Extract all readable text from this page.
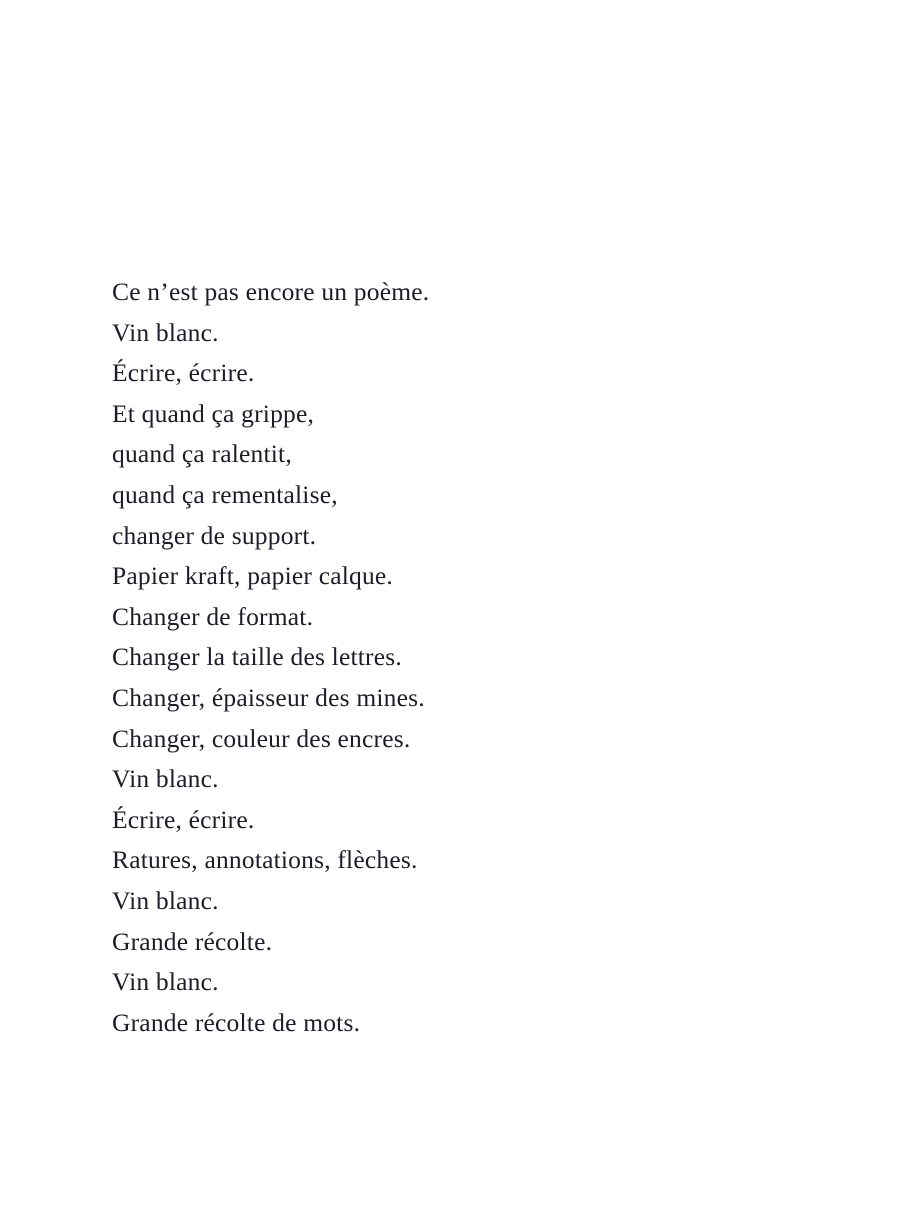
Ce n’est pas encore un poème.
Vin blanc.
Écrire, écrire.
Et quand ça grippe,
quand ça ralentit,
quand ça rementalise,
changer de support.
Papier kraft, papier calque.
Changer de format.
Changer la taille des lettres.
Changer, épaisseur des mines.
Changer, couleur des encres.
Vin blanc.
Écrire, écrire.
Ratures, annotations, flèches.
Vin blanc.
Grande récolte.
Vin blanc.
Grande récolte de mots.
